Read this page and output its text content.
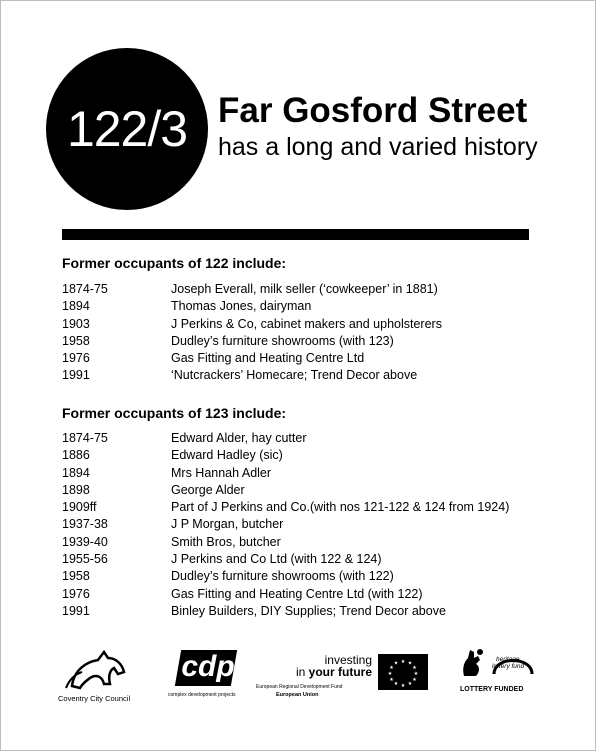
122/3 Far Gosford Street
has a long and varied history
Former occupants of 122 include:
1874-75	Joseph Everall, milk seller (‘cowkeeper’ in 1881)
1894	Thomas Jones, dairyman
1903	J Perkins & Co, cabinet makers and upholsterers
1958	Dudley’s furniture showrooms (with 123)
1976	Gas Fitting and Heating Centre Ltd
1991	‘Nutcrackers’ Homecare; Trend Decor above
Former occupants of 123 include:
1874-75	Edward Alder, hay cutter
1886	Edward Hadley (sic)
1894	Mrs Hannah Adler
1898	George Alder
1909ff	Part of J Perkins and Co.(with nos 121-122 & 124 from 1924)
1937-38	J P Morgan, butcher
1939-40	Smith Bros, butcher
1955-56	J Perkins and Co Ltd (with 122 & 124)
1958	Dudley’s furniture showrooms (with 122)
1976	Gas Fitting and Heating Centre Ltd (with 122)
1991	Binley Builders, DIY Supplies; Trend Decor above
Coventry City Council
cdp
complex development projects
investing
in your future
European Regional Development Fund
European Union
★ ★
★
★
★
★
★
★
★
★
★
★
heritage
lottery fund
LOTTERY FUNDED
